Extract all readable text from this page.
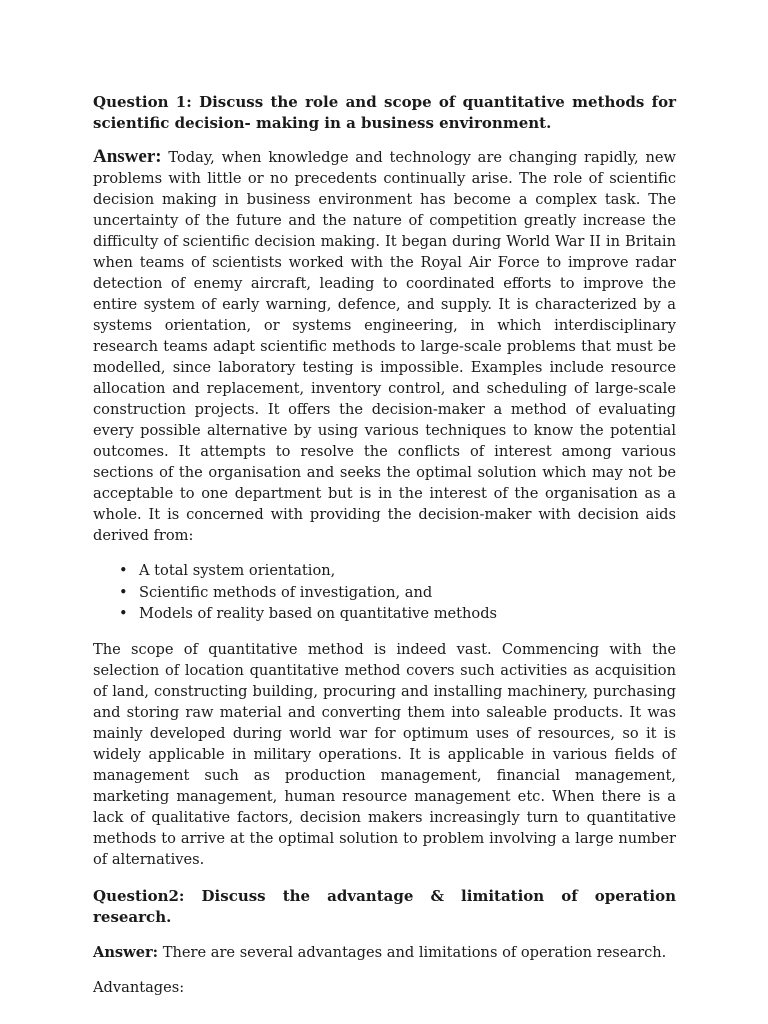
Question 1: Discuss the role and scope of quantitative methods for scientific decision- making in a business environment.

Answer: Today, when knowledge and technology are changing rapidly, new problems with little or no precedents continually arise. The role of scientific decision making in business environment has become a complex task. The uncertainty of the future and the nature of competition greatly increase the difficulty of scientific decision making. It began during World War II in Britain when teams of scientists worked with the Royal Air Force to improve radar detection of enemy aircraft, leading to coordinated efforts to improve the entire system of early warning, defence, and supply. It is characterized by a systems orientation, or systems engineering, in which interdisciplinary research teams adapt scientific methods to large-scale problems that must be modelled, since laboratory testing is impossible. Examples include resource allocation and replacement, inventory control, and scheduling of large-scale construction projects. It offers the decision-maker a method of evaluating every possible alternative by using various techniques to know the potential outcomes. It attempts to resolve the conflicts of interest among various sections of the organisation and seeks the optimal solution which may not be acceptable to one department but is in the interest of the organisation as a whole. It is concerned with providing the decision-maker with decision aids derived from:

• A total system orientation,
• Scientific methods of investigation, and
• Models of reality based on quantitative methods

The scope of quantitative method is indeed vast. Commencing with the selection of location quantitative method covers such activities as acquisition of land, constructing building, procuring and installing machinery, purchasing and storing raw material and converting them into saleable products. It was mainly developed during world war for optimum uses of resources, so it is widely applicable in military operations. It is applicable in various fields of management such as production management, financial management, marketing management, human resource management etc. When there is a lack of qualitative factors, decision makers increasingly turn to quantitative methods to arrive at the optimal solution to problem involving a large number of alternatives.

Question2: Discuss the advantage & limitation of operation research.

Answer: There are several advantages and limitations of operation research.

Advantages:
